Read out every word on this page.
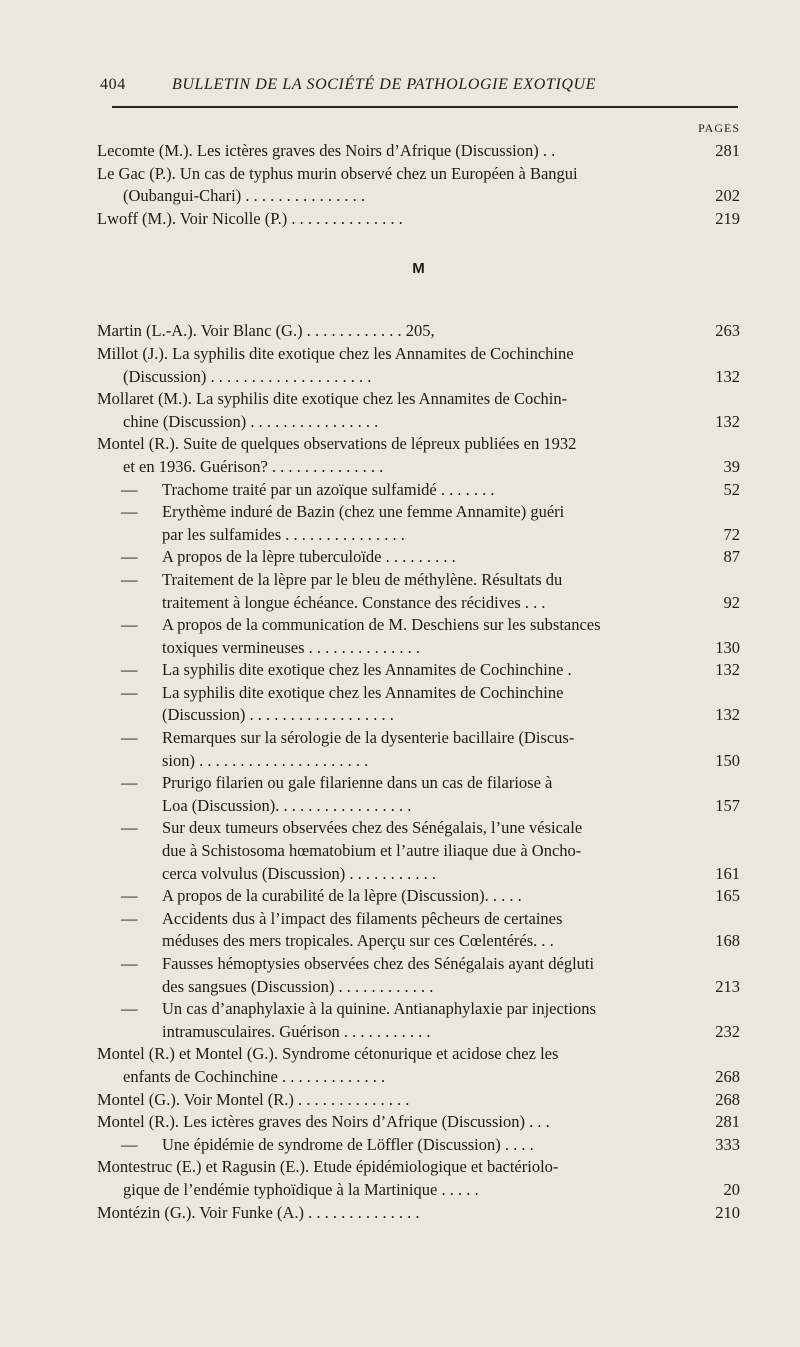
404	BULLETIN DE LA SOCIÉTÉ DE PATHOLOGIE EXOTIQUE
PAGES
Lecomte (M.). Les ictères graves des Noirs d’Afrique (Discussion) . .	281
Le Gac (P.). Un cas de typhus murin observé chez un Européen à Bangui
(Oubangui-Chari) . . . . . . . . . . . . . . .	202
Lwoff (M.). Voir Nicolle (P.) . . . . . . . . . . . . . .	219
M
Martin (L.-A.). Voir Blanc (G.) . . . . . . . . . . . . 205,	263
Millot (J.). La syphilis dite exotique chez les Annamites de Cochinchine
(Discussion) . . . . . . . . . . . . . . . . . . . .	132
Mollaret (M.). La syphilis dite exotique chez les Annamites de Cochin-
chine (Discussion) . . . . . . . . . . . . . . . .	132
Montel (R.). Suite de quelques observations de lépreux publiées en 1932
et en 1936. Guérison? . . . . . . . . . . . . . .	39
— Trachome traité par un azoïque sulfamidé . . . . . . .	52
— Erythème induré de Bazin (chez une femme Annamite) guéri
par les sulfamides . . . . . . . . . . . . . . .	72
— A propos de la lèpre tuberculoïde . . . . . . . . .	87
— Traitement de la lèpre par le bleu de méthylène. Résultats du
traitement à longue échéance. Constance des récidives . . .	92
— A propos de la communication de M. Deschiens sur les substances
toxiques vermineuses . . . . . . . . . . . . . .	130
— La syphilis dite exotique chez les Annamites de Cochinchine .	132
— La syphilis dite exotique chez les Annamites de Cochinchine
(Discussion) . . . . . . . . . . . . . . . . . .	132
— Remarques sur la sérologie de la dysenterie bacillaire (Discus-
sion) . . . . . . . . . . . . . . . . . . . . .	150
— Prurigo filarien ou gale filarienne dans un cas de filariose à
Loa (Discussion). . . . . . . . . . . . . . . . .	157
— Sur deux tumeurs observées chez des Sénégalais, l’une vésicale
due à Schistosoma hœmatobium et l’autre iliaque due à Oncho-
cerca volvulus (Discussion) . . . . . . . . . . .	161
— A propos de la curabilité de la lèpre (Discussion). . . . .	165
— Accidents dus à l’impact des filaments pêcheurs de certaines
méduses des mers tropicales. Aperçu sur ces Cœlentérés. . .	168
— Fausses hémoptysies observées chez des Sénégalais ayant dégluti
des sangsues (Discussion) . . . . . . . . . . . .	213
— Un cas d’anaphylaxie à la quinine. Antianaphylaxie par injections
intramusculaires. Guérison . . . . . . . . . . .	232
Montel (R.) et Montel (G.). Syndrome cétonurique et acidose chez les
enfants de Cochinchine . . . . . . . . . . . . .	268
Montel (G.). Voir Montel (R.) . . . . . . . . . . . . . .	268
Montel (R.). Les ictères graves des Noirs d’Afrique (Discussion) . . .	281
— Une épidémie de syndrome de Löffler (Discussion) . . . .	333
Montestruc (E.) et Ragusin (E.). Etude épidémiologique et bactériolo-
gique de l’endémie typhoïdique à la Martinique . . . . .	20
Montézin (G.). Voir Funke (A.) . . . . . . . . . . . . . .	210
